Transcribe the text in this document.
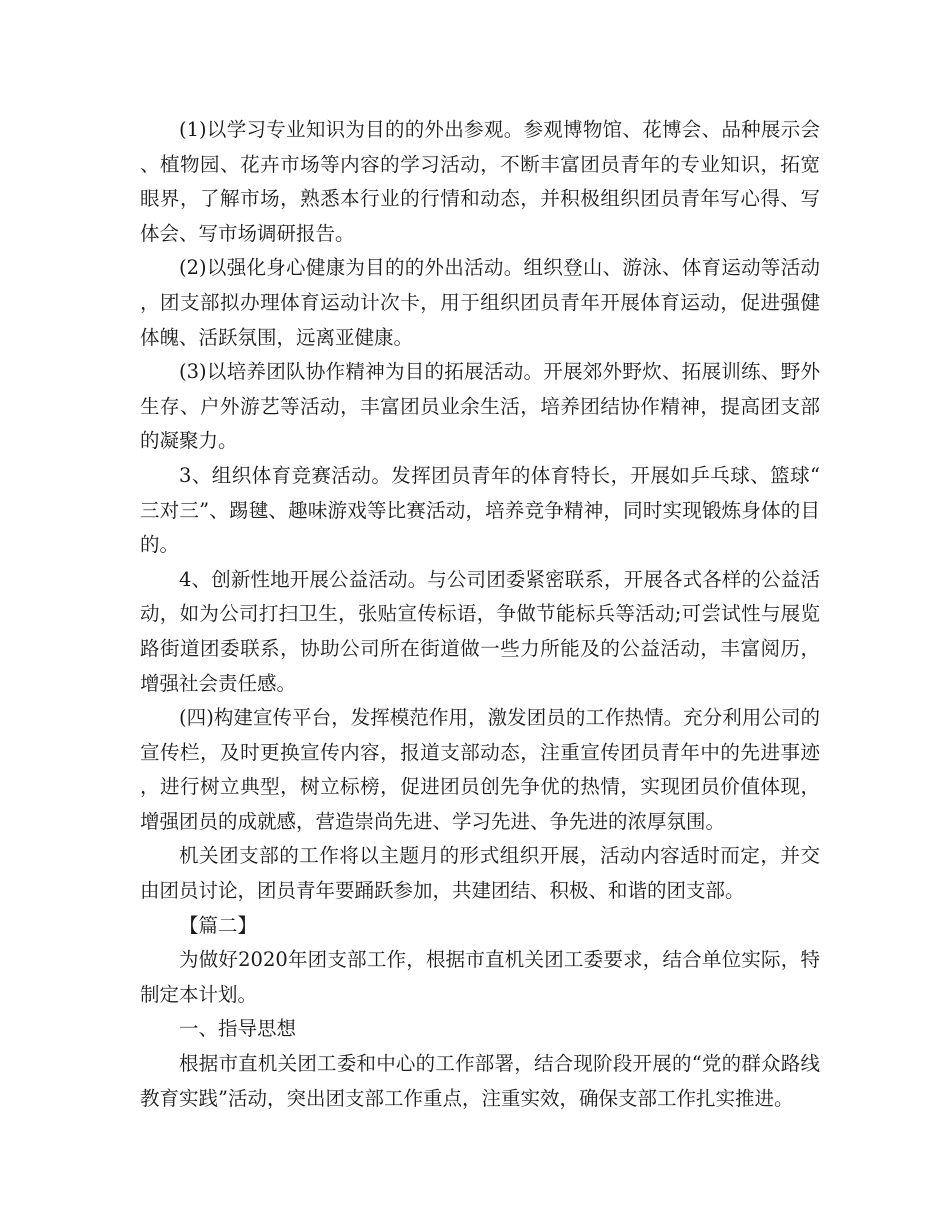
(1)以学习专业知识为目的的外出参观。参观博物馆、花博会、品种展示会、植物园、花卉市场等内容的学习活动，不断丰富团员青年的专业知识，拓宽眼界，了解市场，熟悉本行业的行情和动态，并积极组织团员青年写心得、写体会、写市场调研报告。

(2)以强化身心健康为目的的外出活动。组织登山、游泳、体育运动等活动，团支部拟办理体育运动计次卡，用于组织团员青年开展体育运动，促进强健体魄、活跃氛围，远离亚健康。

(3)以培养团队协作精神为目的拓展活动。开展郊外野炊、拓展训练、野外生存、户外游艺等活动，丰富团员业余生活，培养团结协作精神，提高团支部的凝聚力。

3、组织体育竞赛活动。发挥团员青年的体育特长，开展如乒乓球、篮球“三对三”、踢毽、趣味游戏等比赛活动，培养竞争精神，同时实现锻炼身体的目的。

4、创新性地开展公益活动。与公司团委紧密联系，开展各式各样的公益活动，如为公司打扫卫生，张贴宣传标语，争做节能标兵等活动;可尝试性与展览路街道团委联系，协助公司所在街道做一些力所能及的公益活动，丰富阅历，增强社会责任感。

(四)构建宣传平台，发挥模范作用，激发团员的工作热情。充分利用公司的宣传栏，及时更换宣传内容，报道支部动态，注重宣传团员青年中的先进事迹，进行树立典型，树立标榜，促进团员创先争优的热情，实现团员价值体现，增强团员的成就感，营造崇尚先进、学习先进、争先进的浓厚氛围。

机关团支部的工作将以主题月的形式组织开展，活动内容适时而定，并交由团员讨论，团员青年要踊跃参加，共建团结、积极、和谐的团支部。

【篇二】

为做好2020年团支部工作，根据市直机关团工委要求，结合单位实际，特制定本计划。

一、指导思想

根据市直机关团工委和中心的工作部署，结合现阶段开展的“党的群众路线教育实践”活动，突出团支部工作重点，注重实效，确保支部工作扎实推进。
